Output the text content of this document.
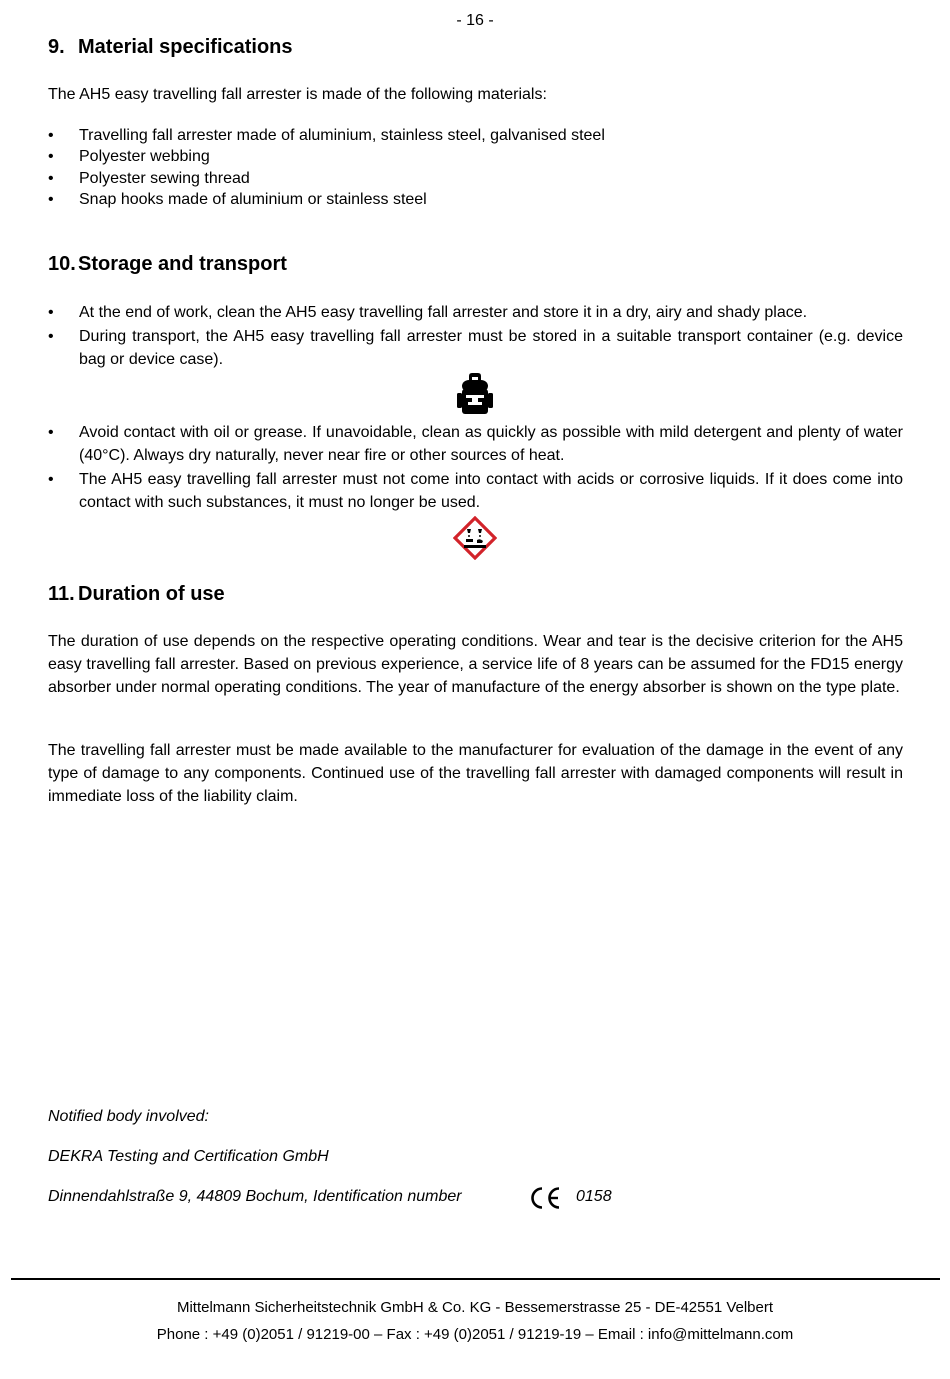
- 16 -
9. Material specifications
The AH5 easy travelling fall arrester is made of the following materials:
•	Travelling fall arrester made of aluminium, stainless steel, galvanised steel
•	Polyester webbing
•	Polyester sewing thread
•	Snap hooks made of aluminium or stainless steel
10. Storage and transport
•	At the end of work, clean the AH5 easy travelling fall arrester and store it in a dry, airy and shady place.
•	During transport, the AH5 easy travelling fall arrester must be stored in a suitable transport container (e.g. device bag or device case).
•	Avoid contact with oil or grease. If unavoidable, clean as quickly as possible with mild detergent and plenty of water (40°C). Always dry naturally, never near fire or other sources of heat.
•	The AH5 easy travelling fall arrester must not come into contact with acids or corrosive liquids. If it does come into contact with such substances, it must no longer be used.
11. Duration of use
The duration of use depends on the respective operating conditions. Wear and tear is the decisive criterion for the AH5 easy travelling fall arrester. Based on previous experience, a service life of 8 years can be assumed for the FD15 energy absorber under normal operating conditions. The year of manufacture of the energy absorber is shown on the type plate.
The travelling fall arrester must be made available to the manufacturer for evaluation of the damage in the event of any type of damage to any components. Continued use of the travelling fall arrester with damaged components will result in immediate loss of the liability claim.
Notified body involved:
DEKRA Testing and Certification GmbH
Dinnendahlstraße 9, 44809 Bochum, Identification number	0158
Mittelmann Sicherheitstechnik GmbH & Co. KG - Bessemerstrasse 25 - DE-42551 Velbert
Phone : +49 (0)2051 / 91219-00 – Fax : +49 (0)2051 / 91219-19 – Email : info@mittelmann.com
